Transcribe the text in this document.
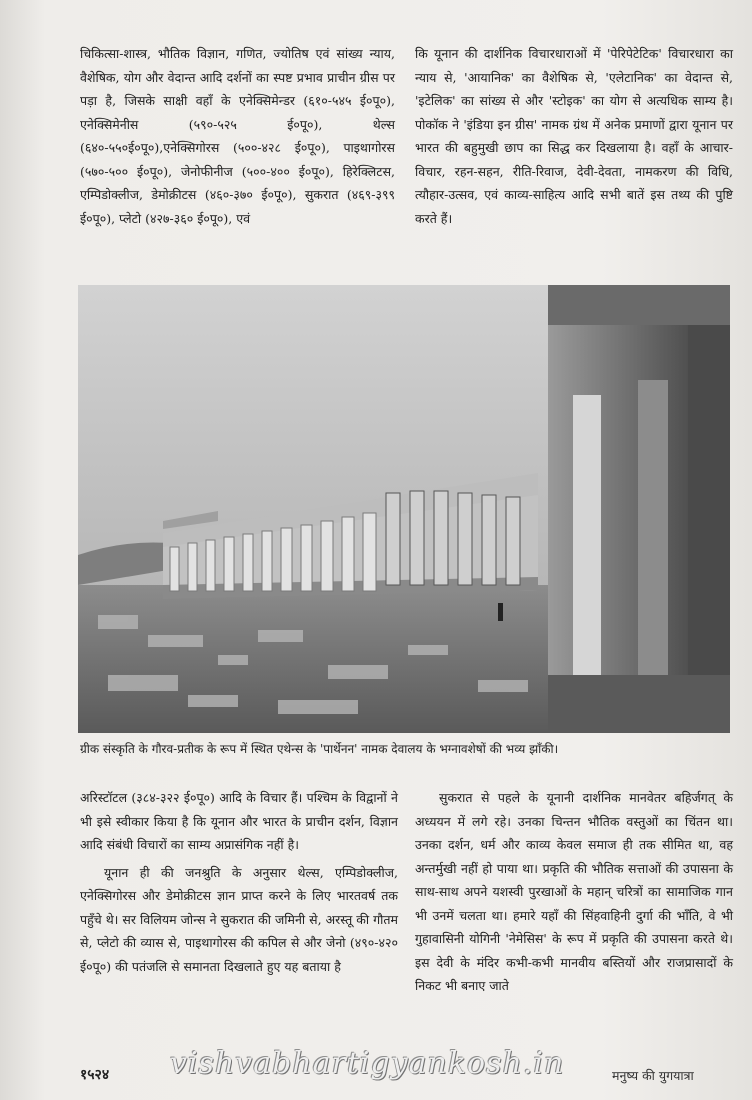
चिकित्सा-शास्त्र, भौतिक विज्ञान, गणित, ज्योतिष एवं सांख्य न्याय, वैशेषिक, योग और वेदान्त आदि दर्शनों का स्पष्ट प्रभाव प्राचीन ग्रीस पर पड़ा है, जिसके साक्षी वहाँ के एनेक्सिमेन्डर (६१०-५४५ ई०पू०), एनेक्सिमेनीस (५९०-५२५ ई०पू०), थेल्स (६४०-५५०ई०पू०),एनेक्सिगोरस (५००-४२८ ई०पू०), पाइथागोरस (५७०-५०० ई०पू०), जेनोफीनीज (५००-४०० ई०पू०), हिरेक्लिटस, एम्पिडोक्लीज, डेमोक्रीटस (४६०-३७० ई०पू०), सुकरात (४६९-३९९ ई०पू०), प्लेटो (४२७-३६० ई०पू०), एवं

कि यूनान की दार्शनिक विचारधाराओं में 'पेरिपेटेटिक' विचारधारा का न्याय से, 'आयानिक' का वैशेषिक से, 'एलेटानिक' का वेदान्त से, 'इटेलिक' का सांख्य से और 'स्टोइक' का योग से अत्यधिक साम्य है। पोकॉक ने 'इंडिया इन ग्रीस' नामक ग्रंथ में अनेक प्रमाणों द्वारा यूनान पर भारत की बहुमुखी छाप का सिद्ध कर दिखलाया है। वहाँ के आचार-विचार, रहन-सहन, रीति-रिवाज, देवी-देवता, नामकरण की विधि, त्यौहार-उत्सव, एवं काव्य-साहित्य आदि सभी बातें इस तथ्य की पुष्टि करते हैं।

ग्रीक संस्कृति के गौरव-प्रतीक के रूप में स्थित एथेन्स के 'पार्थेनन' नामक देवालय के भग्नावशेषों की भव्य झाँकी।

अरिस्टॉटल (३८४-३२२ ई०पू०) आदि के विचार हैं। पश्चिम के विद्वानों ने भी इसे स्वीकार किया है कि यूनान और भारत के प्राचीन दर्शन, विज्ञान आदि संबंधी विचारों का साम्य अप्रासंगिक नहीं है।

यूनान ही की जनश्रुति के अनुसार थेल्स, एम्पिडोक्लीज, एनेक्सिगोरस और डेमोक्रीटस ज्ञान प्राप्त करने के लिए भारतवर्ष तक पहुँचे थे। सर विलियम जोन्स ने सुकरात की जमिनी से, अरस्तू की गौतम से, प्लेटो की व्यास से, पाइथागोरस की कपिल से और जेनो (४९०-४२० ई०पू०) की पतंजलि से समानता दिखलाते हुए यह बताया है

सुकरात से पहले के यूनानी दार्शनिक मानवेतर बहिर्जगत् के अध्ययन में लगे रहे। उनका चिन्तन भौतिक वस्तुओं का चिंतन था। उनका दर्शन, धर्म और काव्य केवल समाज ही तक सीमित था, वह अन्तर्मुखी नहीं हो पाया था। प्रकृति की भौतिक सत्ताओं की उपासना के साथ-साथ अपने यशस्वी पुरखाओं के महान् चरित्रों का सामाजिक गान भी उनमें चलता था। हमारे यहाँ की सिंहवाहिनी दुर्गा की भाँति, वे भी गुहावासिनी योगिनी 'नेमेसिस' के रूप में प्रकृति की उपासना करते थे। इस देवी के मंदिर कभी-कभी मानवीय बस्तियों और राजप्रासादों के निकट भी बनाए जाते

१५२४ vishvabhartigyankosh.in	मनुष्य की युगयात्रा
